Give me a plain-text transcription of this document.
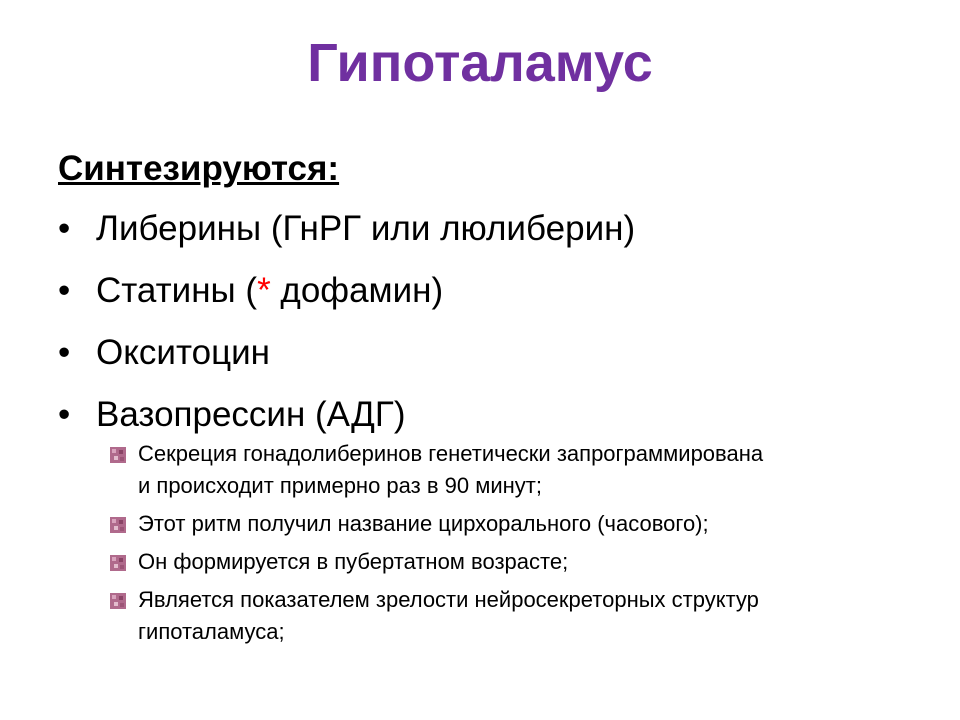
Гипоталамус
Синтезируются:
• Либерины (ГнРГ или люлиберин)
• Статины (* дофамин)
• Окситоцин
• Вазопрессин (АДГ)
Секреция гонадолиберинов генетически запрограммирована
и происходит примерно раз в 90 минут;
Этот ритм получил название цирхорального (часового);
Он формируется в пубертатном возрасте;
Является показателем зрелости нейросекреторных структур
гипоталамуса;
